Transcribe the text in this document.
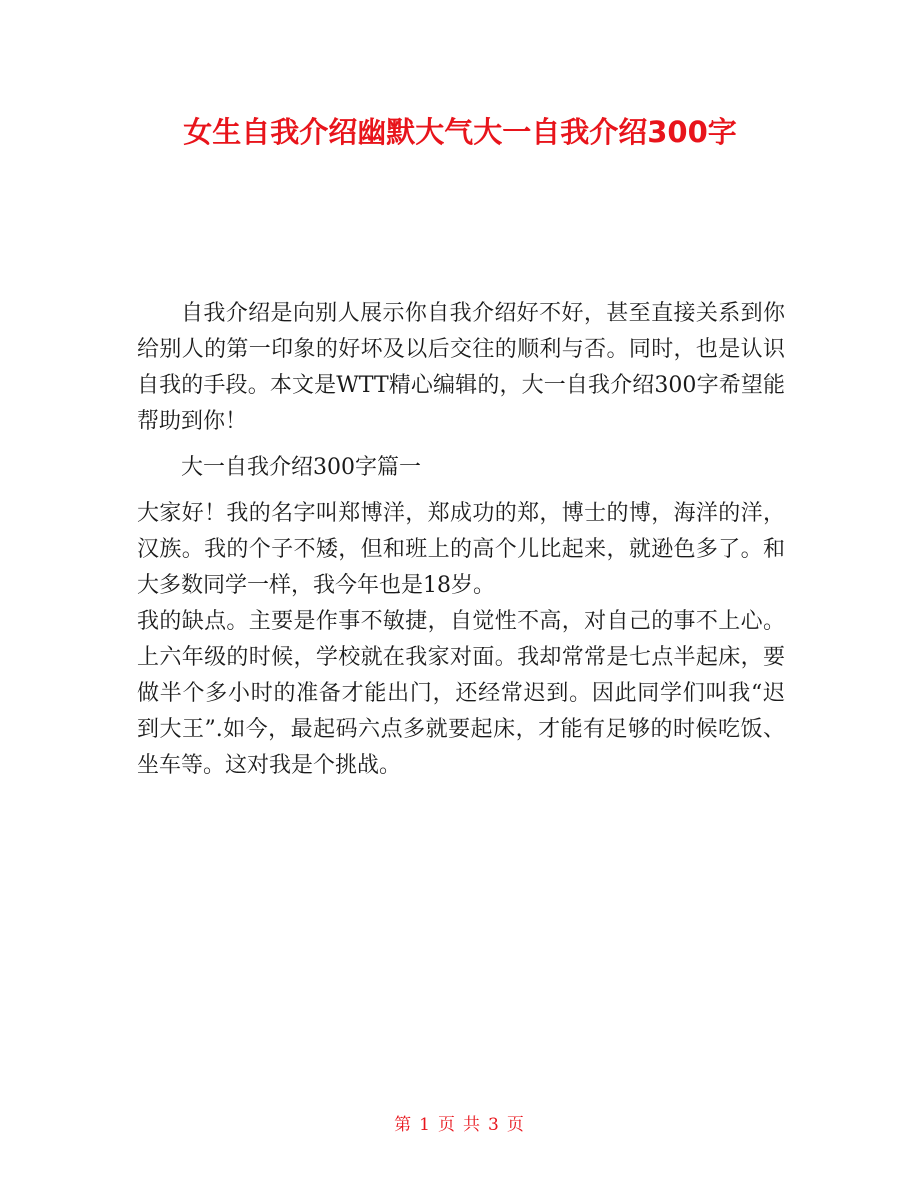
女生自我介绍幽默大气大一自我介绍300字

自我介绍是向别人展示你自我介绍好不好，甚至直接关系到你给别人的第一印象的好坏及以后交往的顺利与否。同时，也是认识自我的手段。本文是WTT精心编辑的，大一自我介绍300字希望能帮助到你！

大一自我介绍300字篇一

大家好！我的名字叫郑博洋，郑成功的郑，博士的博，海洋的洋，汉族。我的个子不矮，但和班上的高个儿比起来，就逊色多了。和大多数同学一样，我今年也是18岁。

我的缺点。主要是作事不敏捷，自觉性不高，对自己的事不上心。上六年级的时候，学校就在我家对面。我却常常是七点半起床，要做半个多小时的准备才能出门，还经常迟到。因此同学们叫我“迟到大王”.如今，最起码六点多就要起床，才能有足够的时候吃饭、坐车等。这对我是个挑战。

第 1 页 共 3 页
